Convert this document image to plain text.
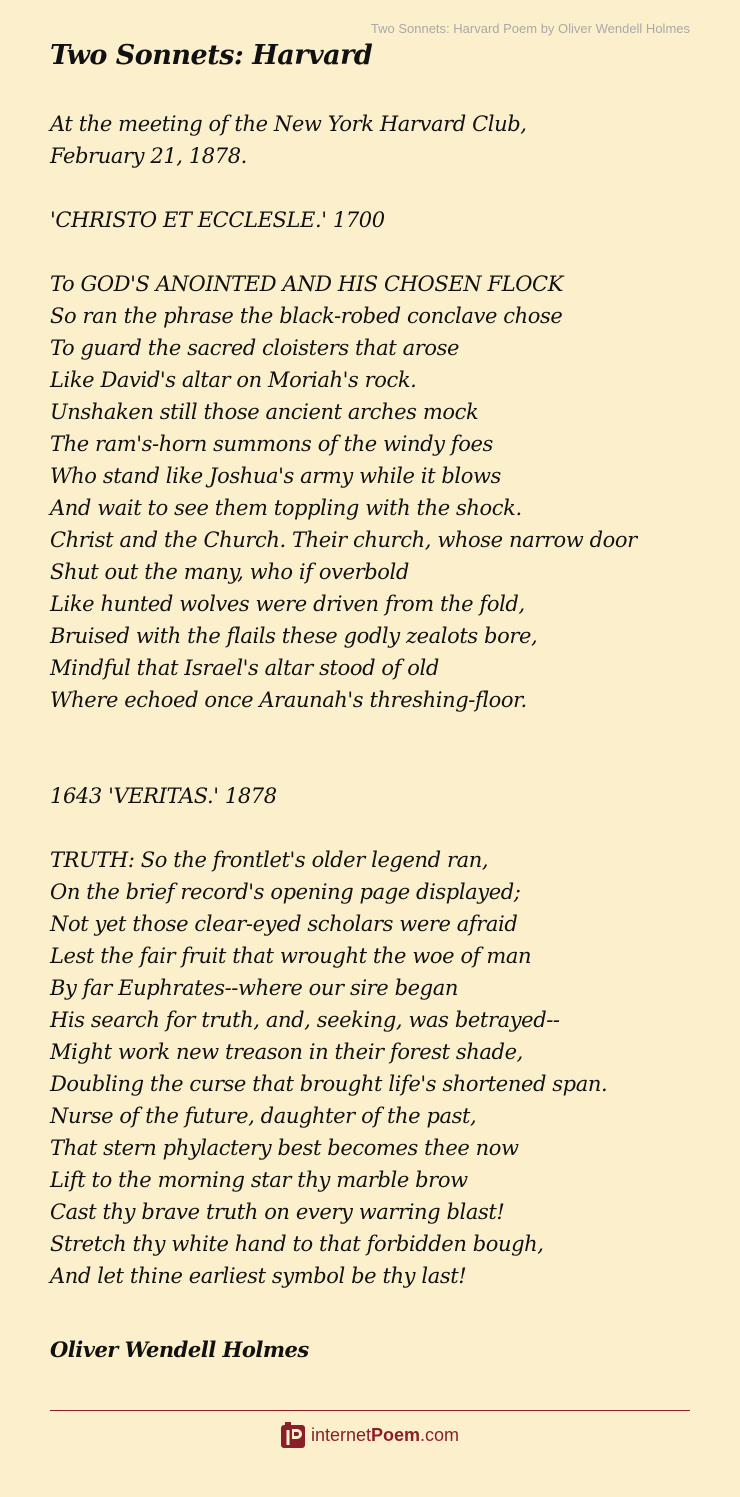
Two Sonnets: Harvard Poem by Oliver Wendell Holmes
Two Sonnets: Harvard
At the meeting of the New York Harvard Club,
February 21, 1878.
'CHRISTO ET ECCLESLE.' 1700
To GOD'S ANOINTED AND HIS CHOSEN FLOCK
So ran the phrase the black-robed conclave chose
To guard the sacred cloisters that arose
Like David's altar on Moriah's rock.
Unshaken still those ancient arches mock
The ram's-horn summons of the windy foes
Who stand like Joshua's army while it blows
And wait to see them toppling with the shock.
Christ and the Church. Their church, whose narrow door
Shut out the many, who if overbold
Like hunted wolves were driven from the fold,
Bruised with the flails these godly zealots bore,
Mindful that Israel's altar stood of old
Where echoed once Araunah's threshing-floor.
1643 'VERITAS.' 1878
TRUTH: So the frontlet's older legend ran,
On the brief record's opening page displayed;
Not yet those clear-eyed scholars were afraid
Lest the fair fruit that wrought the woe of man
By far Euphrates--where our sire began
His search for truth, and, seeking, was betrayed--
Might work new treason in their forest shade,
Doubling the curse that brought life's shortened span.
Nurse of the future, daughter of the past,
That stern phylactery best becomes thee now
Lift to the morning star thy marble brow
Cast thy brave truth on every warring blast!
Stretch thy white hand to that forbidden bough,
And let thine earliest symbol be thy last!
Oliver Wendell Holmes
internet Poem .com
